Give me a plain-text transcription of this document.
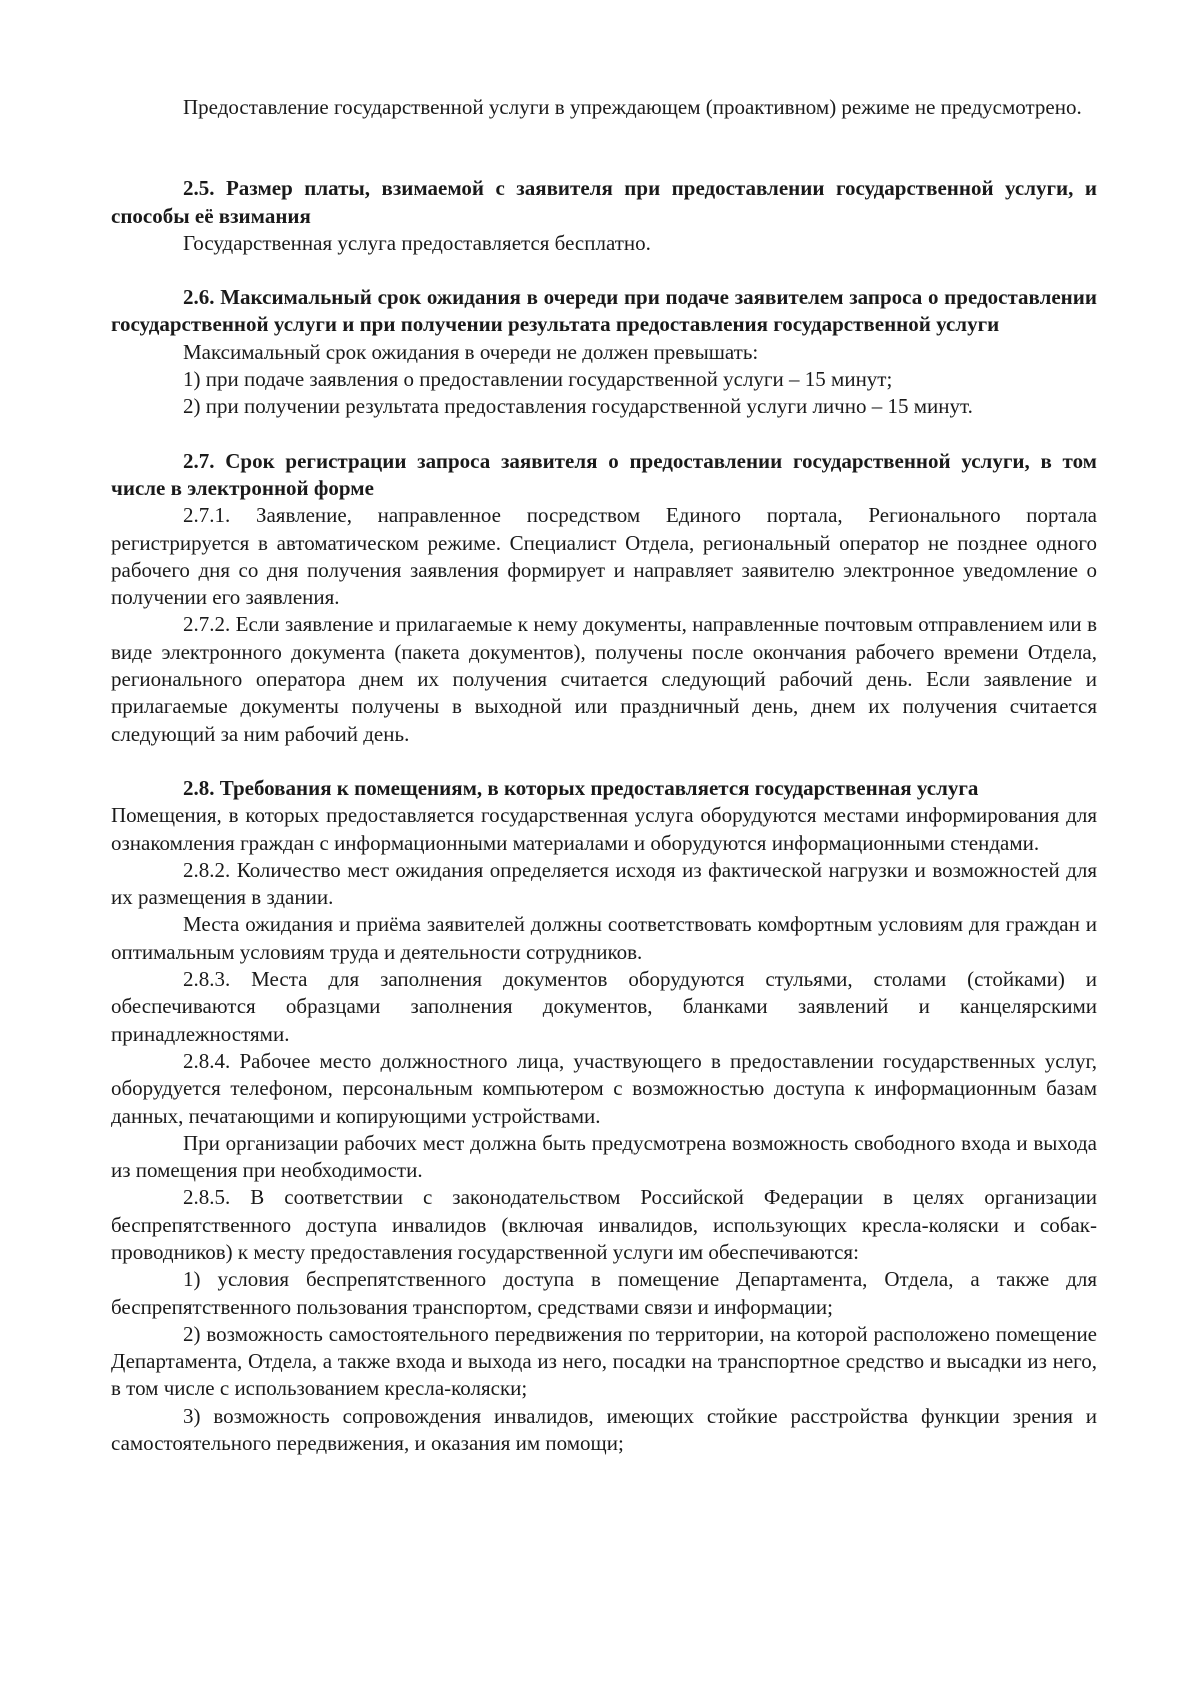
Предоставление государственной услуги в упреждающем (проактивном) режиме не предусмотрено.

2.5. Размер платы, взимаемой с заявителя при предоставлении государственной услуги, и способы её взимания

Государственная услуга предоставляется бесплатно.

2.6. Максимальный срок ожидания в очереди при подаче заявителем запроса о предоставлении государственной услуги и при получении результата предоставления государственной услуги

Максимальный срок ожидания в очереди не должен превышать:

1) при подаче заявления о предоставлении государственной услуги – 15 минут;

2) при получении результата предоставления государственной услуги лично – 15 минут.

2.7. Срок регистрации запроса заявителя о предоставлении государственной услуги, в том числе в электронной форме

2.7.1. Заявление, направленное посредством Единого портала, Регионального портала регистрируется в автоматическом режиме. Специалист Отдела, региональный оператор не позднее одного рабочего дня со дня получения заявления формирует и направляет заявителю электронное уведомление о получении его заявления.

2.7.2. Если заявление и прилагаемые к нему документы, направленные почтовым отправлением или в виде электронного документа (пакета документов), получены после окончания рабочего времени Отдела, регионального оператора днем их получения считается следующий рабочий день. Если заявление и прилагаемые документы получены в выходной или праздничный день, днем их получения считается следующий за ним рабочий день.

2.8. Требования к помещениям, в которых предоставляется государственная услуга

Помещения, в которых предоставляется государственная услуга оборудуются местами информирования для ознакомления граждан с информационными материалами и оборудуются информационными стендами.

2.8.2. Количество мест ожидания определяется исходя из фактической нагрузки и возможностей для их размещения в здании.

Места ожидания и приёма заявителей должны соответствовать комфортным условиям для граждан и оптимальным условиям труда и деятельности сотрудников.

2.8.3. Места для заполнения документов оборудуются стульями, столами (стойками) и обеспечиваются образцами заполнения документов, бланками заявлений и канцелярскими принадлежностями.

2.8.4. Рабочее место должностного лица, участвующего в предоставлении государственных услуг, оборудуется телефоном, персональным компьютером с возможностью доступа к информационным базам данных, печатающими и копирующими устройствами.

При организации рабочих мест должна быть предусмотрена возможность свободного входа и выхода из помещения при необходимости.

2.8.5. В соответствии с законодательством Российской Федерации в целях организации беспрепятственного доступа инвалидов (включая инвалидов, использующих кресла-коляски и собак-проводников) к месту предоставления государственной услуги им обеспечиваются:

1) условия беспрепятственного доступа в помещение Департамента, Отдела, а также для беспрепятственного пользования транспортом, средствами связи и информации;

2) возможность самостоятельного передвижения по территории, на которой расположено помещение Департамента, Отдела, а также входа и выхода из него, посадки на транспортное средство и высадки из него, в том числе с использованием кресла-коляски;

3) возможность сопровождения инвалидов, имеющих стойкие расстройства функции зрения и самостоятельного передвижения, и оказания им помощи;
